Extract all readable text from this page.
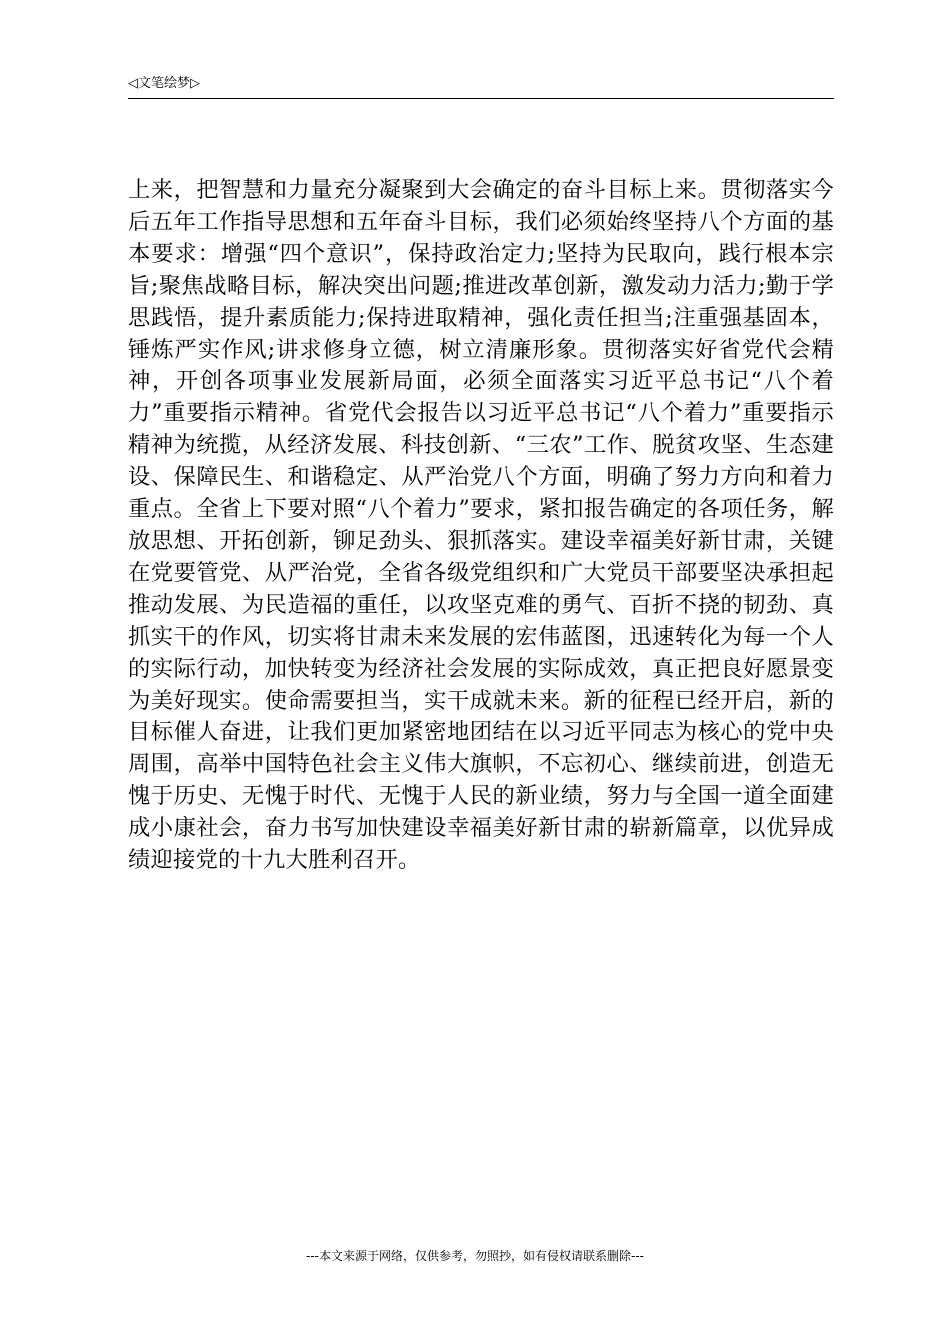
◁文笔绘梦▷

上来，把智慧和力量充分凝聚到大会确定的奋斗目标上来。贯彻落实今后五年工作指导思想和五年奋斗目标，我们必须始终坚持八个方面的基本要求：增强“四个意识”，保持政治定力;坚持为民取向，践行根本宗旨;聚焦战略目标，解决突出问题;推进改革创新，激发动力活力;勤于学思践悟，提升素质能力;保持进取精神，强化责任担当;注重强基固本，锤炼严实作风;讲求修身立德，树立清廉形象。贯彻落实好省党代会精神，开创各项事业发展新局面，必须全面落实习近平总书记“八个着力”重要指示精神。省党代会报告以习近平总书记“八个着力”重要指示精神为统揽，从经济发展、科技创新、“三农”工作、脱贫攻坚、生态建设、保障民生、和谐稳定、从严治党八个方面，明确了努力方向和着力重点。全省上下要对照“八个着力”要求，紧扣报告确定的各项任务，解放思想、开拓创新，铆足劲头、狠抓落实。建设幸福美好新甘肃，关键在党要管党、从严治党，全省各级党组织和广大党员干部要坚决承担起推动发展、为民造福的重任，以攻坚克难的勇气、百折不挠的韧劲、真抓实干的作风，切实将甘肃未来发展的宏伟蓝图，迅速转化为每一个人的实际行动，加快转变为经济社会发展的实际成效，真正把良好愿景变为美好现实。使命需要担当，实干成就未来。新的征程已经开启，新的目标催人奋进，让我们更加紧密地团结在以习近平同志为核心的党中央周围，高举中国特色社会主义伟大旗帜，不忘初心、继续前进，创造无愧于历史、无愧于时代、无愧于人民的新业绩，努力与全国一道全面建成小康社会，奋力书写加快建设幸福美好新甘肃的崭新篇章，以优异成绩迎接党的十九大胜利召开。

---本文来源于网络，仅供参考，勿照抄，如有侵权请联系删除---
